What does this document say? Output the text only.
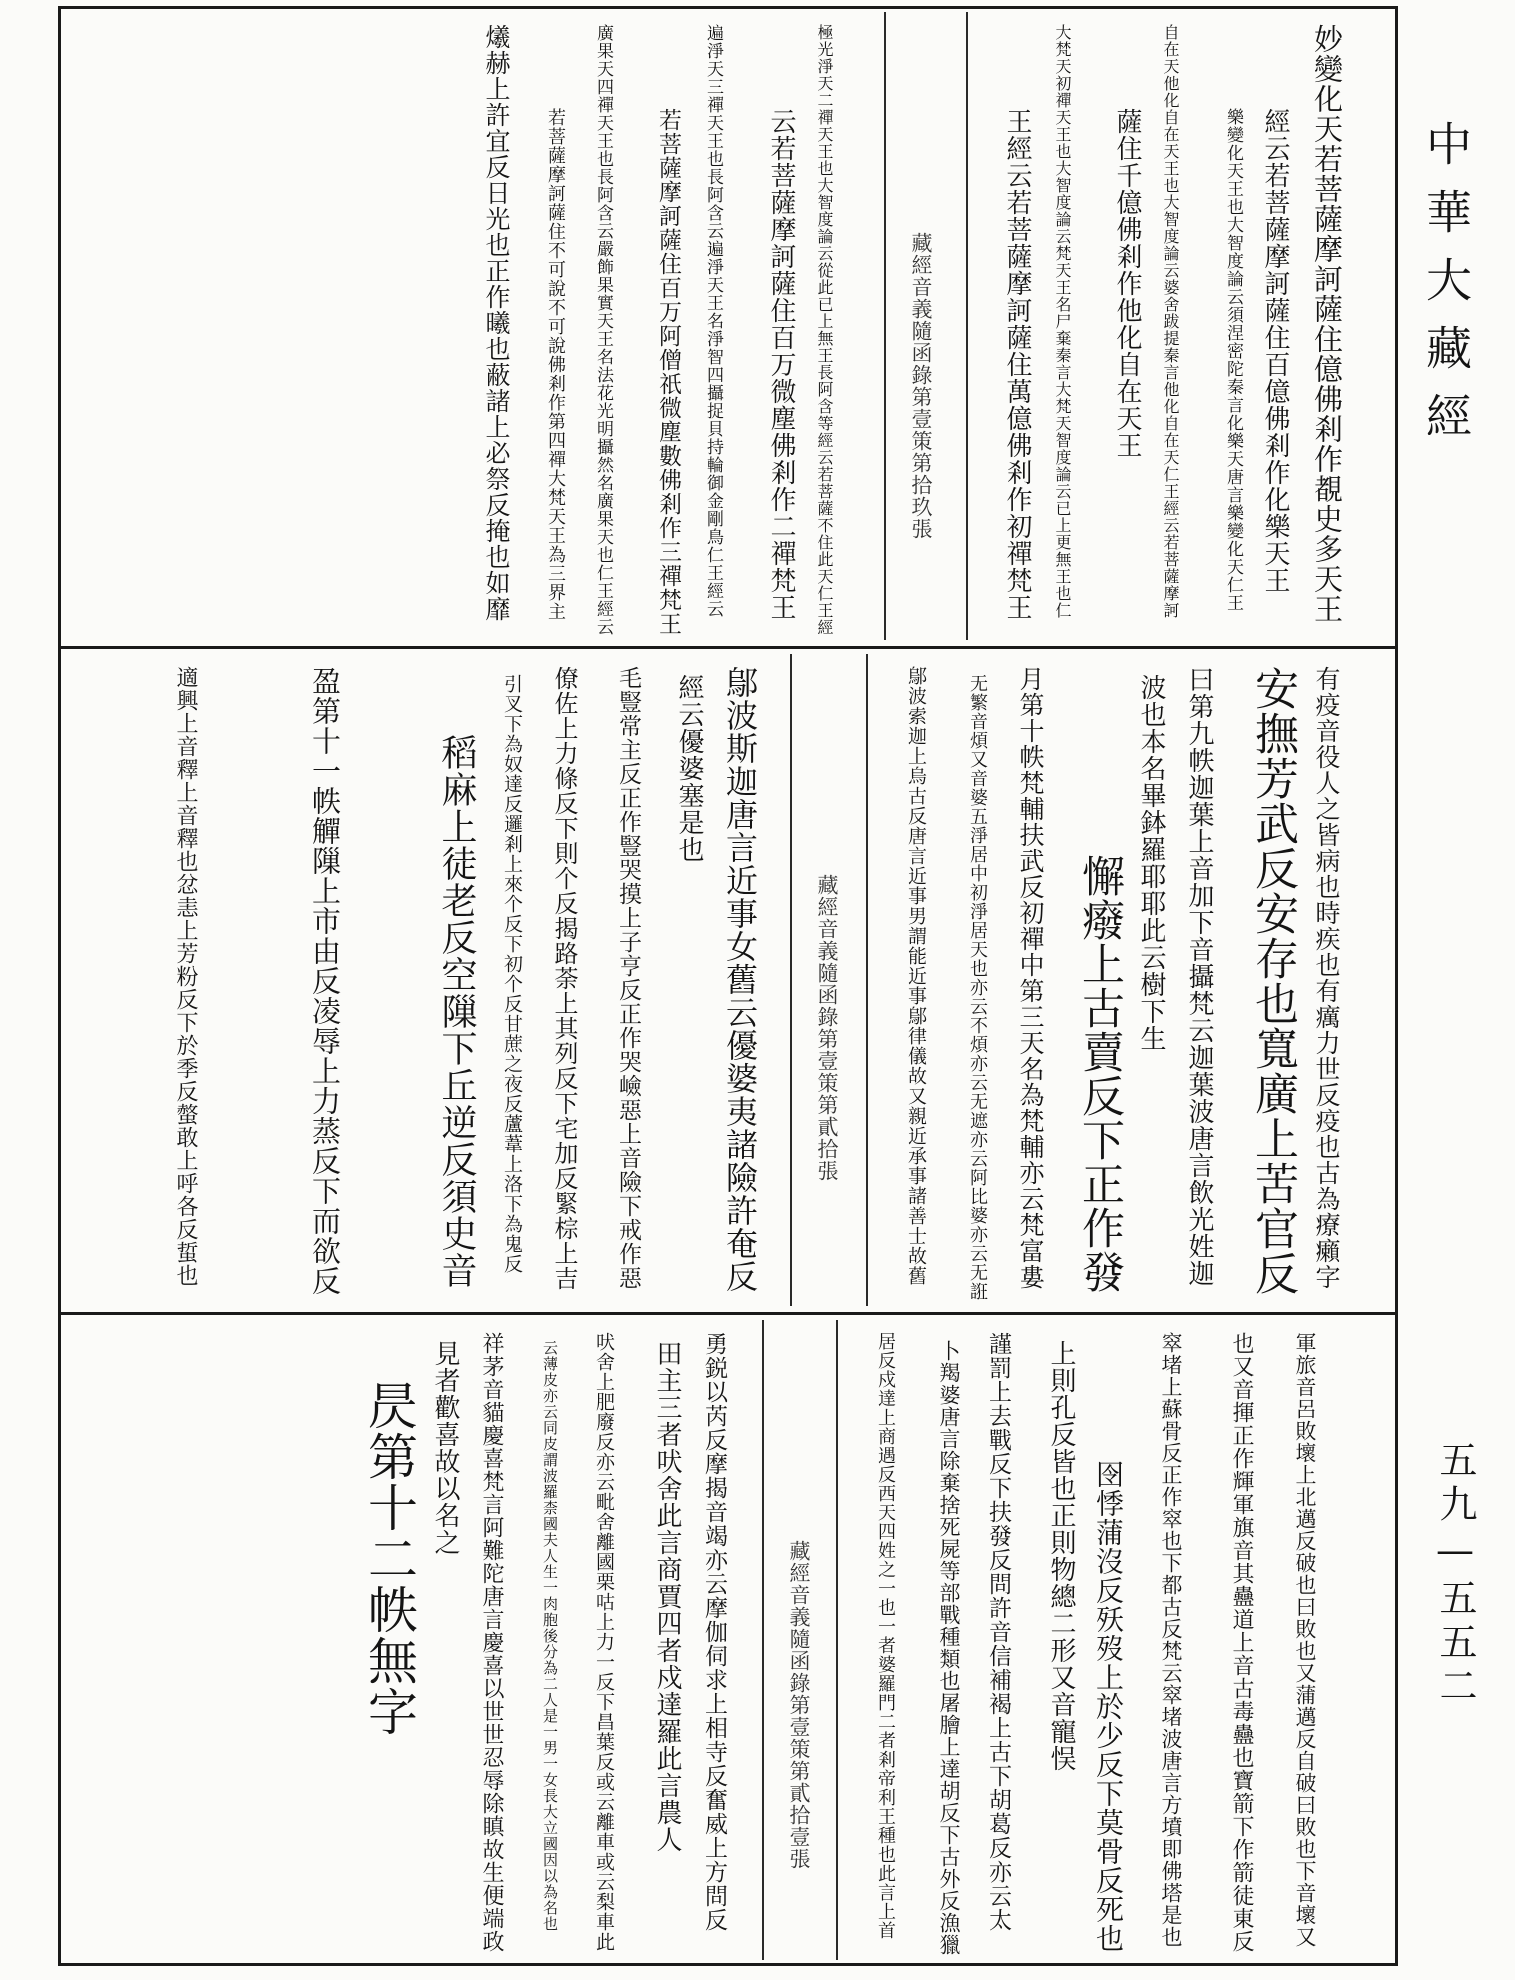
妙變化天若菩薩摩訶薩住億佛剎作覩史多天王
經云若菩薩摩訶薩住百億佛剎作化樂天王
樂變化天王也大智度論云須涅密陀秦言化樂天唐言樂變化天仁王
自在天他化自在天王也大智度論云婆舍跋提秦言他化自在天仁王經云若菩薩摩訶
薩住千億佛剎作他化自在天王
大梵天初禪天王也大智度論云梵天王名尸棄秦言大梵天智度論云已上更無王也仁
王經云若菩薩摩訶薩住萬億佛剎作初禪梵王
藏經音義隨函錄第壹策第拾玖張
極光淨天二禪天王也大智度論云從此已上無王長阿含等經云若菩薩不住此天仁王經
云若菩薩摩訶薩住百万微塵佛剎作二禪梵王
遍淨天三禪天王也長阿含云遍淨天王名淨智四攝捉貝持輪御金剛鳥仁王經云
若菩薩摩訶薩住百万阿僧祇微塵數佛剎作三禪梵王
廣果天四禪天王也長阿含云嚴飾果實天王名法花光明攝然名廣果天也仁王經云
若菩薩摩訶薩住不可說不可說佛剎作第四禪大梵天王為三界主
爔赫上許宜反日光也正作曦也蔽諸上必祭反掩也如靡
有疫音役人之皆病也時疾也有癘力世反疫也古為療癩字
安撫芳武反安存也寬廣上苦官反
曰第九帙迦葉上音加下音攝梵云迦葉波唐言飲光姓迦
波也本名畢鉢羅耶耶此云樹下生
懈癈上古賣反下正作發
月第十帙梵輔扶武反初禪中第三天名為梵輔亦云梵富婁
无繁音煩又音婆五淨居中初淨居天也亦云不煩亦云无遮亦云阿比婆亦云无誑
鄔波索迦上烏古反唐言近事男謂能近事鄔律儀故又親近承事諸善士故舊
藏經音義隨函錄第壹策第貳拾張
鄔波斯迦唐言近事女舊云優婆夷諸險許奄反
經云優婆塞是也
毛豎常主反正作豎哭摸上子亨反正作哭嶮惡上音險下戒作惡
僚佐上力條反下則个反揭路荼上其列反下宅加反緊棕上吉
引叉下為奴達反邏剎上來个反下初个反甘蔗之夜反蘆葦上洛下為鬼反
稻麻上徒老反空隟下丘逆反須史音
盈第十一帙觶隟上市由反凌辱上力蒸反下而欲反
適興上音釋上音釋也忿恚上芳粉反下於季反螫敢上呼各反蜇也
軍旅音呂敗壞上北邁反破也曰敗也又蒲邁反自破曰敗也下音壞又
也又音揮正作輝軍旗音其蠱道上音古毒蠱也寶箭下作箭徒東反
窣堵上蘇骨反正作窣也下都古反梵云窣堵波唐言方墳即佛塔是也
囹悸蒲沒反殀歿上於少反下莫骨反死也
上則孔反皆也正則物總二形又音寵悮
謹罰上去戰反下扶發反問許音信補褐上古下胡葛反亦云太
卜羯婆唐言除棄捨死屍等部戰種類也屠膾上達胡反下古外反漁獵
居反戍達上商遇反西天四姓之一也一者婆羅門二者剎帝利王種也此言上首
藏經音義隨函錄第壹策第貳拾壹張
勇鋭以芮反摩揭音竭亦云摩伽伺求上相寺反奮威上方問反
田主三者吠舍此言商賈四者戍達羅此言農人
吠舍上肥廢反亦云毗舍離國栗咕上力一反下昌葉反或云離車或云梨車此
云薄皮亦云同皮謂波羅柰國夫人生一肉胞後分為二人是一男一女長大立國因以為名也
祥茅音貓慶喜梵言阿難陀唐言慶喜以世世忍辱除瞋故生便端政
見者歡喜故以名之
昃第十二帙無字
中華大藏經
五九—五五二
